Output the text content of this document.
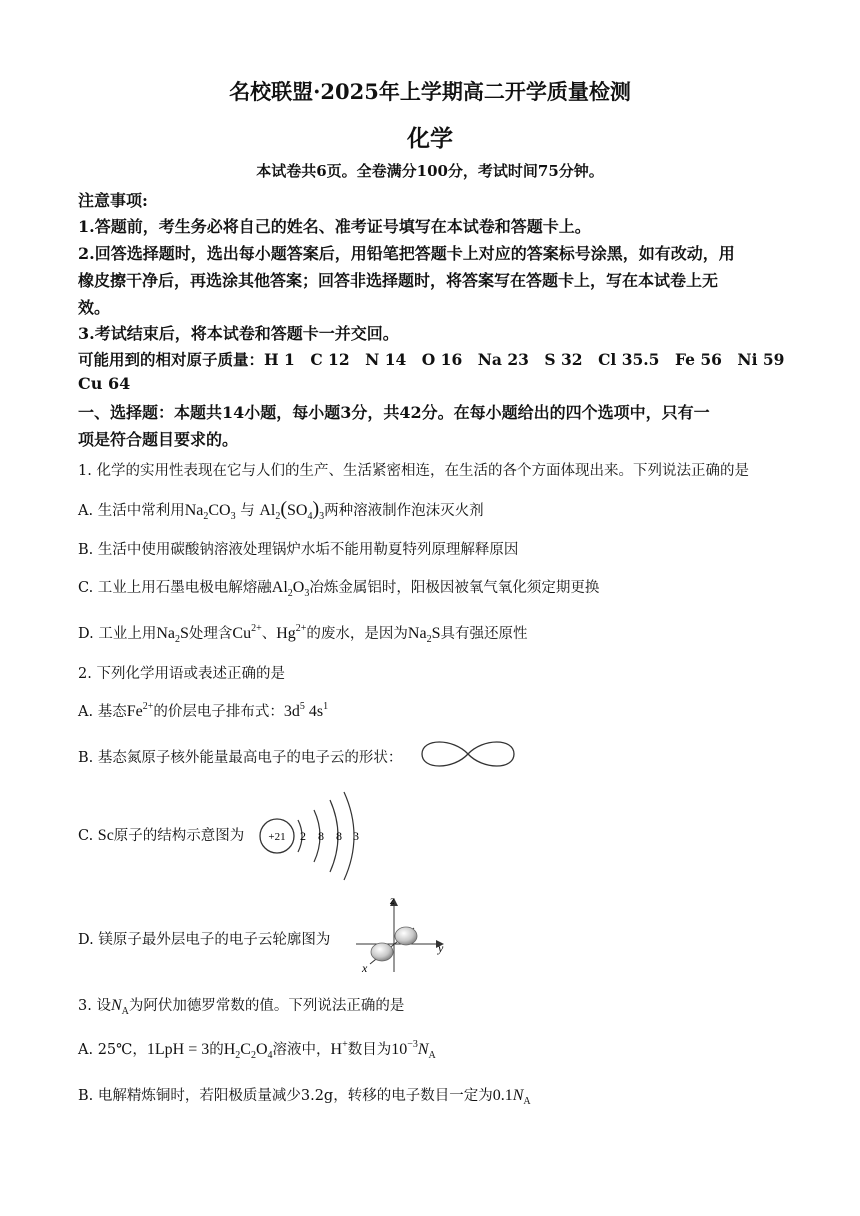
名校联盟·2025年上学期高二开学质量检测
化学
本试卷共6页。全卷满分100分，考试时间75分钟。
注意事项:
1.答题前，考生务必将自己的姓名、准考证号填写在本试卷和答题卡上。
2.回答选择题时，选出每小题答案后，用铅笔把答题卡上对应的答案标号涂黑，如有改动，用
橡皮擦干净后，再选涂其他答案；回答非选择题时，将答案写在答题卡上，写在本试卷上无
效。
3.考试结束后，将本试卷和答题卡一并交回。
可能用到的相对原子质量：H 1　C 12　N 14　O 16　Na 23　S 32　Cl 35.5　Fe 56　Ni 59
Cu 64
一、选择题：本题共14小题，每小题3分，共42分。在每小题给出的四个选项中，只有一
项是符合题目要求的。
1. 化学的实用性表现在它与人们的生产、生活紧密相连，在生活的各个方面体现出来。下列说法正确的是
A. 生活中常利用$Na_2CO_3$ 与 $Al_2(SO_4)_3$两种溶液制作泡沫灭火剂
B. 生活中使用碳酸钠溶液处理锅炉水垢不能用勒夏特列原理解释原因
C. 工业上用石墨电极电解熔融$Al_2O_3$冶炼金属铝时，阳极因被氧气氧化须定期更换
D. 工业上用$Na_2S$处理含$Cu^{2+}$、$Hg^{2+}$的废水，是因为$Na_2S$具有强还原性
2. 下列化学用语或表述正确的是
A. 基态$Fe^{2+}$的价层电子排布式：$3d^5$ $4s^1$
B. 基态氮原子核外能量最高电子的电子云的形状：
C. Sc原子的结构示意图为 +21 2 8 8 3
D. 镁原子最外层电子的电子云轮廓图为
z
y
x
3. 设$N_A$为阿伏加德罗常数的值。下列说法正确的是
A. 25℃，1LpH = 3的$H_2C_2O_4$溶液中，H+数目为$10^{-3}N_A$
B. 电解精炼铜时，若阳极质量减少3.2g，转移的电子数目一定为$0.1N_A$
